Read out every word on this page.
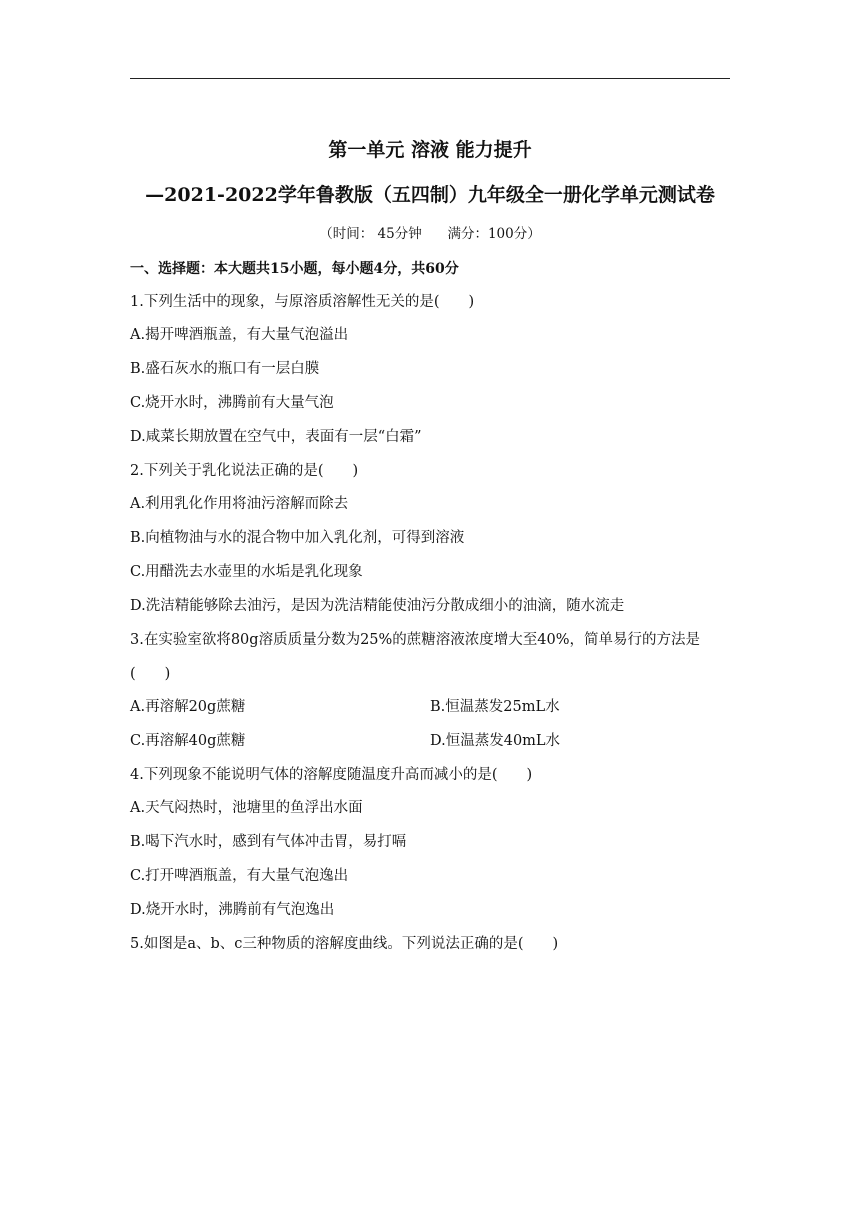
第一单元 溶液 能力提升
—2021-2022学年鲁教版（五四制）九年级全一册化学单元测试卷
（时间： 45分钟 满分：100分）
一、选择题：本大题共15小题，每小题4分，共60分
1.下列生活中的现象，与原溶质溶解性无关的是(　　)
A.揭开啤酒瓶盖，有大量气泡溢出
B.盛石灰水的瓶口有一层白膜
C.烧开水时，沸腾前有大量气泡
D.咸菜长期放置在空气中，表面有一层“白霜”
2.下列关于乳化说法正确的是(　　)
A.利用乳化作用将油污溶解而除去
B.向植物油与水的混合物中加入乳化剂，可得到溶液
C.用醋洗去水壶里的水垢是乳化现象
D.洗洁精能够除去油污，是因为洗洁精能使油污分散成细小的油滴，随水流走
3.在实验室欲将80g溶质质量分数为25%的蔗糖溶液浓度增大至40%，简单易行的方法是
(　　)
A.再溶解20g蔗糖	B.恒温蒸发25mL水
C.再溶解40g蔗糖	D.恒温蒸发40mL水
4.下列现象不能说明气体的溶解度随温度升高而减小的是(　　)
A.天气闷热时，池塘里的鱼浮出水面
B.喝下汽水时，感到有气体冲击胃，易打嗝
C.打开啤酒瓶盖，有大量气泡逸出
D.烧开水时，沸腾前有气泡逸出
5.如图是a、b、c三种物质的溶解度曲线。下列说法正确的是(　　)
